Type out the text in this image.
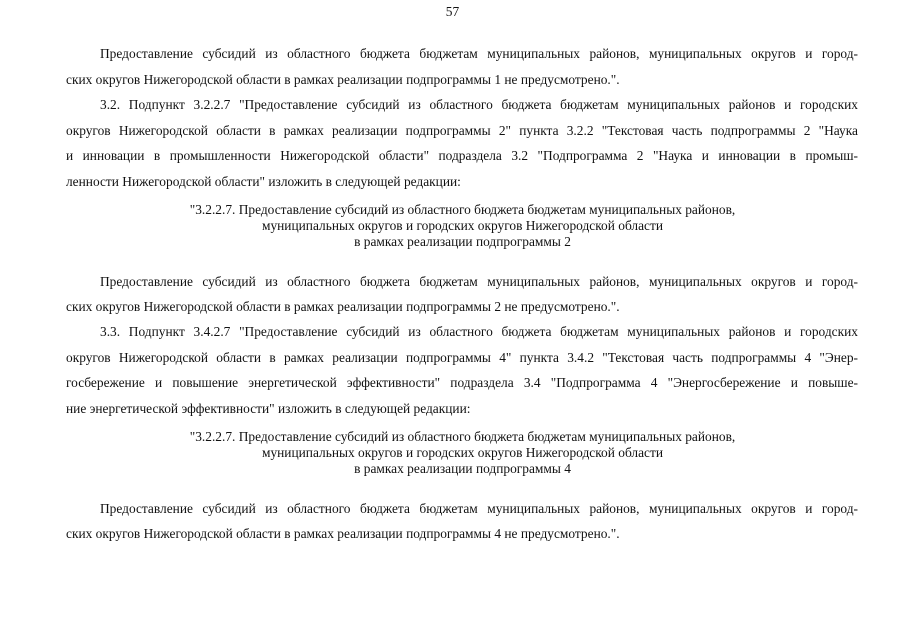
57
Предоставление субсидий из областного бюджета бюджетам муниципальных районов, муниципальных округов и город-
ских округов Нижегородской области в рамках реализации подпрограммы 1 не предусмотрено.".
3.2. Подпункт 3.2.2.7 "Предоставление субсидий из областного бюджета бюджетам муниципальных районов и городских
округов Нижегородской области в рамках реализации подпрограммы 2" пункта 3.2.2 "Текстовая часть подпрограммы 2 "Наука
и инновации в промышленности Нижегородской области" подраздела 3.2 "Подпрограмма 2 "Наука и инновации в промыш-
ленности Нижегородской области" изложить в следующей редакции:
"3.2.2.7. Предоставление субсидий из областного бюджета бюджетам муниципальных районов,
муниципальных округов и городских округов Нижегородской области
в рамках реализации подпрограммы 2
Предоставление субсидий из областного бюджета бюджетам муниципальных районов, муниципальных округов и город-
ских округов Нижегородской области в рамках реализации подпрограммы 2 не предусмотрено.".
3.3. Подпункт 3.4.2.7 "Предоставление субсидий из областного бюджета бюджетам муниципальных районов и городских
округов Нижегородской области в рамках реализации подпрограммы 4" пункта 3.4.2 "Текстовая часть подпрограммы 4 "Энер-
госбережение и повышение энергетической эффективности" подраздела 3.4 "Подпрограмма 4 "Энергосбережение и повыше-
ние энергетической эффективности" изложить в следующей редакции:
"3.2.2.7. Предоставление субсидий из областного бюджета бюджетам муниципальных районов,
муниципальных округов и городских округов Нижегородской области
в рамках реализации подпрограммы 4
Предоставление субсидий из областного бюджета бюджетам муниципальных районов, муниципальных округов и город-
ских округов Нижегородской области в рамках реализации подпрограммы 4 не предусмотрено.".
